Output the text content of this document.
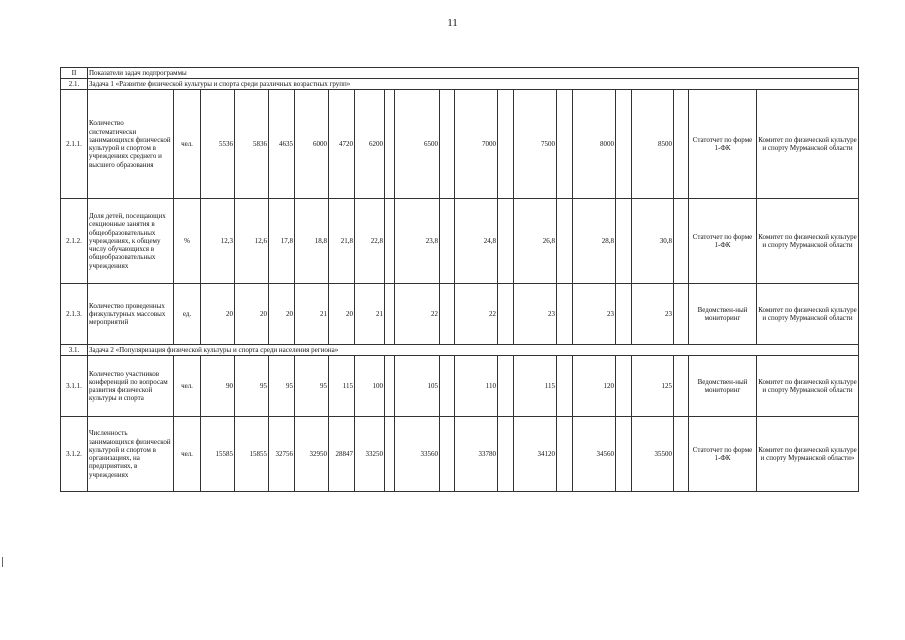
11
II	Показатели задач подпрограммы																				
2.1.	Задача 1 «Развитие физической культуры и спорта среди различных возрастных групп»																				
2.1.1.	Количество систематически занимающихся физической культурой и спортом в учреждениях среднего и высшего образования	чел.	5536	5836	4635	6000	4720	6200		6500		7000		7500		8000		8500		Статотчет по форме 1-ФК	Комитет по физической культуре и спорту Мурманской области
2.1.2.	Доля детей, посещающих секционные занятия в общеобразовательных учреждениях, к общему числу обучающихся в общеобразовательных учреждениях	%	12,3	12,6	17,8	18,8	21,8	22,8		23,8		24,8		26,8		28,8		30,8		Статотчет по форме 1-ФК	Комитет по физической культуре и спорту Мурманской области
2.1.3.	Количество проведенных физкультурных массовых мероприятий	ед.	20	20	20	21	20	21		22		22		23		23		23		Ведомствен-ный мониторинг	Комитет по физической культуре и спорту Мурманской области
3.1.	Задача 2 «Популяризация физической культуры и спорта среди населения региона»																				
3.1.1.	Количество участников конференций по вопросам развития физической культуры и спорта	чел.	90	95	95	95	115	100		105		110		115		120		125		Ведомствен-ный мониторинг	Комитет по физической культуре и спорту Мурманской области
3.1.2.	Численность занимающихся физической культурой и спортом в организациях, на предприятиях, в учреждениях	чел.	15585	15855	32756	32950	28847	33250		33560		33780		34120		34560		35500		Статотчет по форме 1-ФК	Комитет по физической культуре и спорту Мурманской области»
